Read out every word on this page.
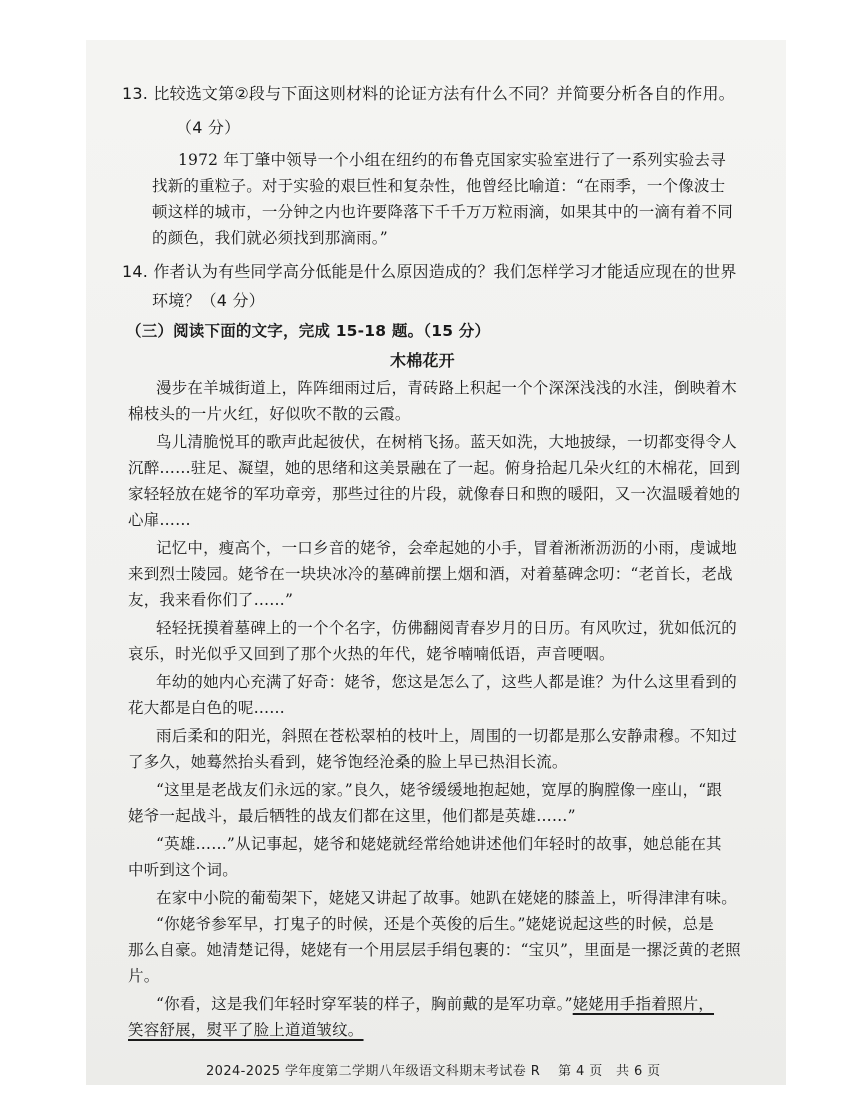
13. 比较选文第②段与下面这则材料的论证方法有什么不同？并简要分析各自的作用。
（4 分）
1972 年丁肇中领导一个小组在纽约的布鲁克国家实验室进行了一系列实验去寻
找新的重粒子。对于实验的艰巨性和复杂性，他曾经比喻道：“在雨季，一个像波士
顿这样的城市，一分钟之内也许要降落下千千万万粒雨滴，如果其中的一滴有着不同
的颜色，我们就必须找到那滴雨。”
14. 作者认为有些同学高分低能是什么原因造成的？我们怎样学习才能适应现在的世界
环境？（4 分）
（三）阅读下面的文字，完成 15-18 题。（15 分）
木棉花开
漫步在羊城街道上，阵阵细雨过后，青砖路上积起一个个深深浅浅的水洼，倒映着木
棉枝头的一片火红，好似吹不散的云霞。
鸟儿清脆悦耳的歌声此起彼伏，在树梢飞扬。蓝天如洗，大地披绿，一切都变得令人
沉醉……驻足、凝望，她的思绪和这美景融在了一起。俯身拾起几朵火红的木棉花，回到
家轻轻放在姥爷的军功章旁，那些过往的片段，就像春日和煦的暖阳，又一次温暖着她的
心扉……
记忆中，瘦高个，一口乡音的姥爷，会牵起她的小手，冒着淅淅沥沥的小雨，虔诚地
来到烈士陵园。姥爷在一块块冰冷的墓碑前摆上烟和酒，对着墓碑念叨：“老首长，老战
友，我来看你们了……”
轻轻抚摸着墓碑上的一个个名字，仿佛翻阅青春岁月的日历。有风吹过，犹如低沉的
哀乐，时光似乎又回到了那个火热的年代，姥爷喃喃低语，声音哽咽。
年幼的她内心充满了好奇：姥爷，您这是怎么了，这些人都是谁？为什么这里看到的
花大都是白色的呢……
雨后柔和的阳光，斜照在苍松翠柏的枝叶上，周围的一切都是那么安静肃穆。不知过
了多久，她蓦然抬头看到，姥爷饱经沧桑的脸上早已热泪长流。
“这里是老战友们永远的家。”良久，姥爷缓缓地抱起她，宽厚的胸膛像一座山，“跟
姥爷一起战斗，最后牺牲的战友们都在这里，他们都是英雄……”
“英雄……”从记事起，姥爷和姥姥就经常给她讲述他们年轻时的故事，她总能在其
中听到这个词。
在家中小院的葡萄架下，姥姥又讲起了故事。她趴在姥姥的膝盖上，听得津津有味。
“你姥爷参军早，打鬼子的时候，还是个英俊的后生。”姥姥说起这些的时候，总是
那么自豪。她清楚记得，姥姥有一个用层层手绢包裹的：“宝贝”，里面是一摞泛黄的老照
片。
“你看，这是我们年轻时穿军装的样子，胸前戴的是军功章。”姥姥用手指着照片，
笑容舒展，熨平了脸上道道皱纹。
2024-2025 学年度第二学期八年级语文科期末考试卷 R　 第 4 页　共 6 页
